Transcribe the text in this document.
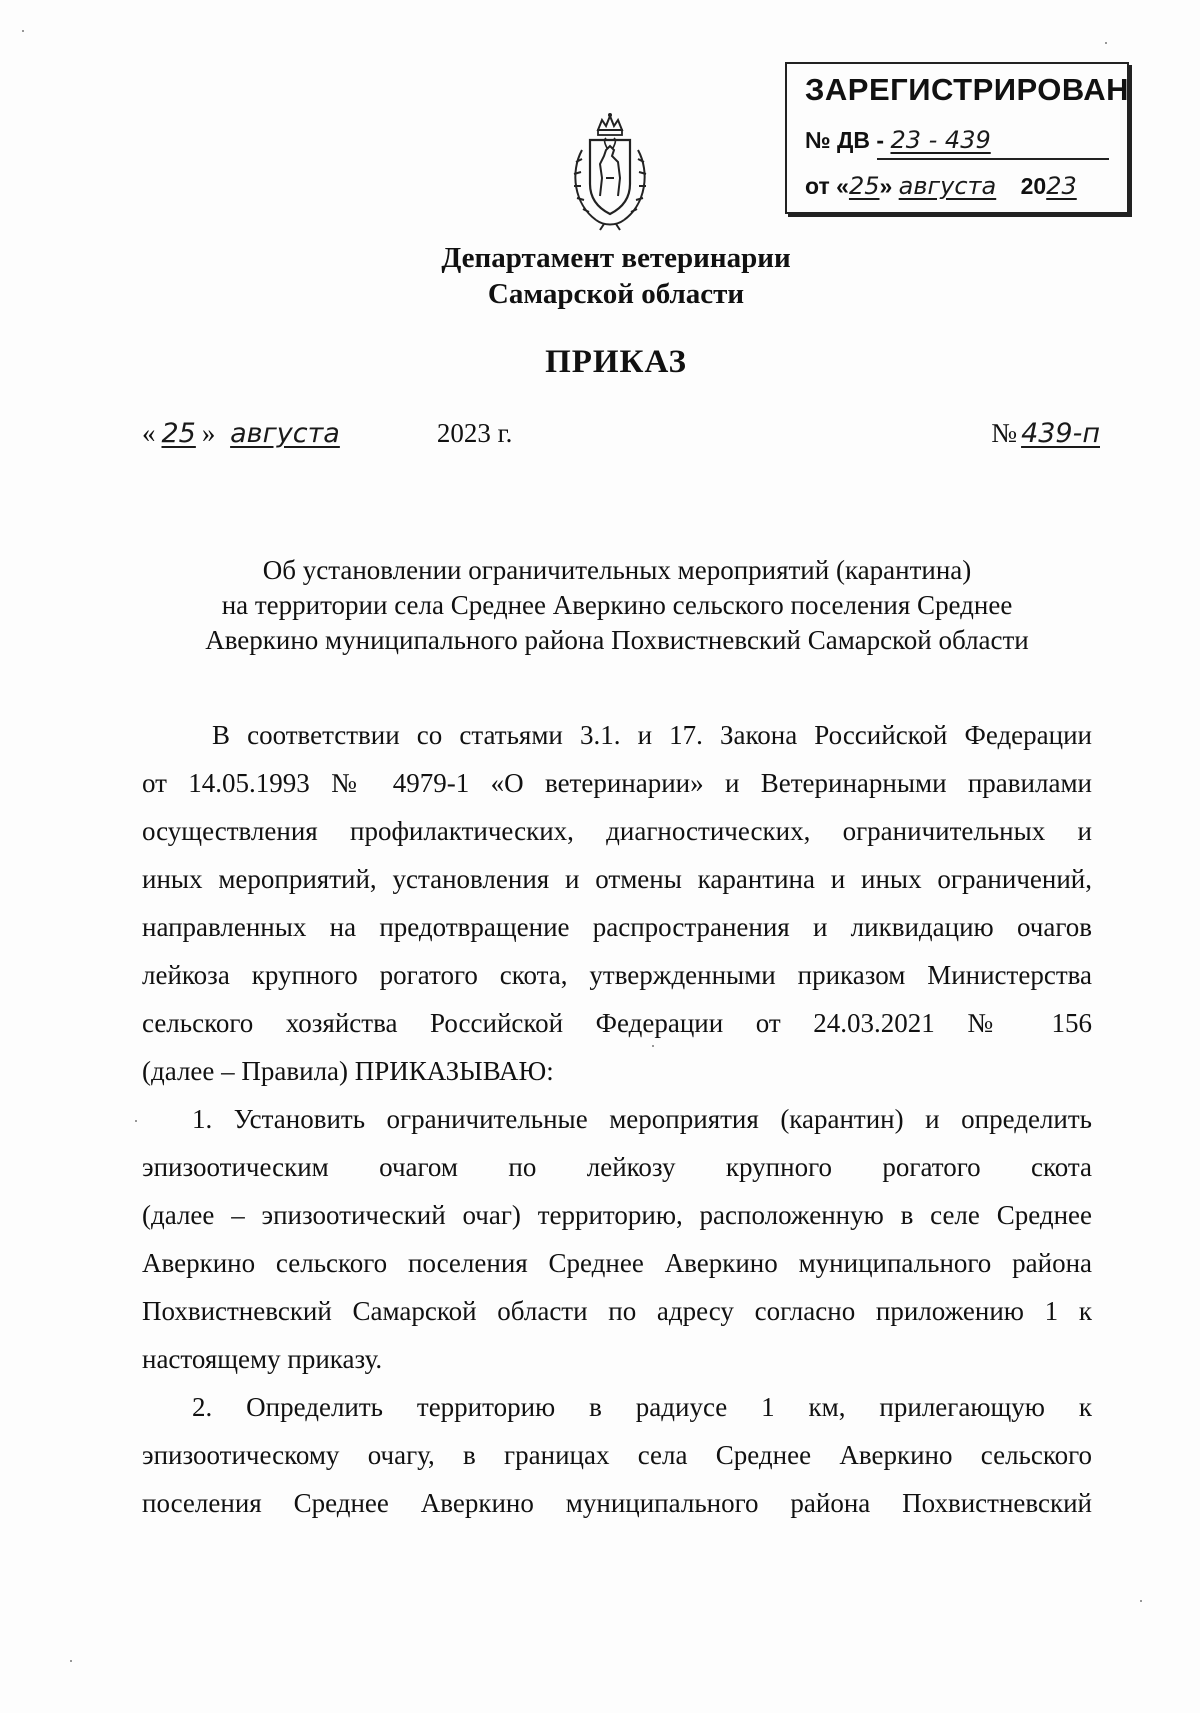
ЗАРЕГИСТРИРОВАН
№ ДВ - 23 - 439
от «25» августа 2023
Департамент ветеринарии
Самарской области
ПРИКАЗ
« 25 » августа	2023 г.	№ 439-п
Об установлении ограничительных мероприятий (карантина)
на территории села Среднее Аверкино сельского поселения Среднее
Аверкино муниципального района Похвистневский Самарской области
В соответствии со статьями 3.1. и 17. Закона Российской Федерации
от 14.05.1993 № 4979-1 «О ветеринарии» и Ветеринарными правилами
осуществления профилактических, диагностических, ограничительных и
иных мероприятий, установления и отмены карантина и иных ограничений,
направленных на предотвращение распространения и ликвидацию очагов
лейкоза крупного рогатого скота, утвержденными приказом Министерства
сельского хозяйства Российской Федерации от 24.03.2021 № 156
(далее – Правила) ПРИКАЗЫВАЮ:
1. Установить ограничительные мероприятия (карантин) и определить
эпизоотическим очагом по лейкозу крупного рогатого скота
(далее – эпизоотический очаг) территорию, расположенную в селе Среднее
Аверкино сельского поселения Среднее Аверкино муниципального района
Похвистневский Самарской области по адресу согласно приложению 1 к
настоящему приказу.
2. Определить территорию в радиусе 1 км, прилегающую к
эпизоотическому очагу, в границах села Среднее Аверкино сельского
поселения Среднее Аверкино муниципального района Похвистневский
